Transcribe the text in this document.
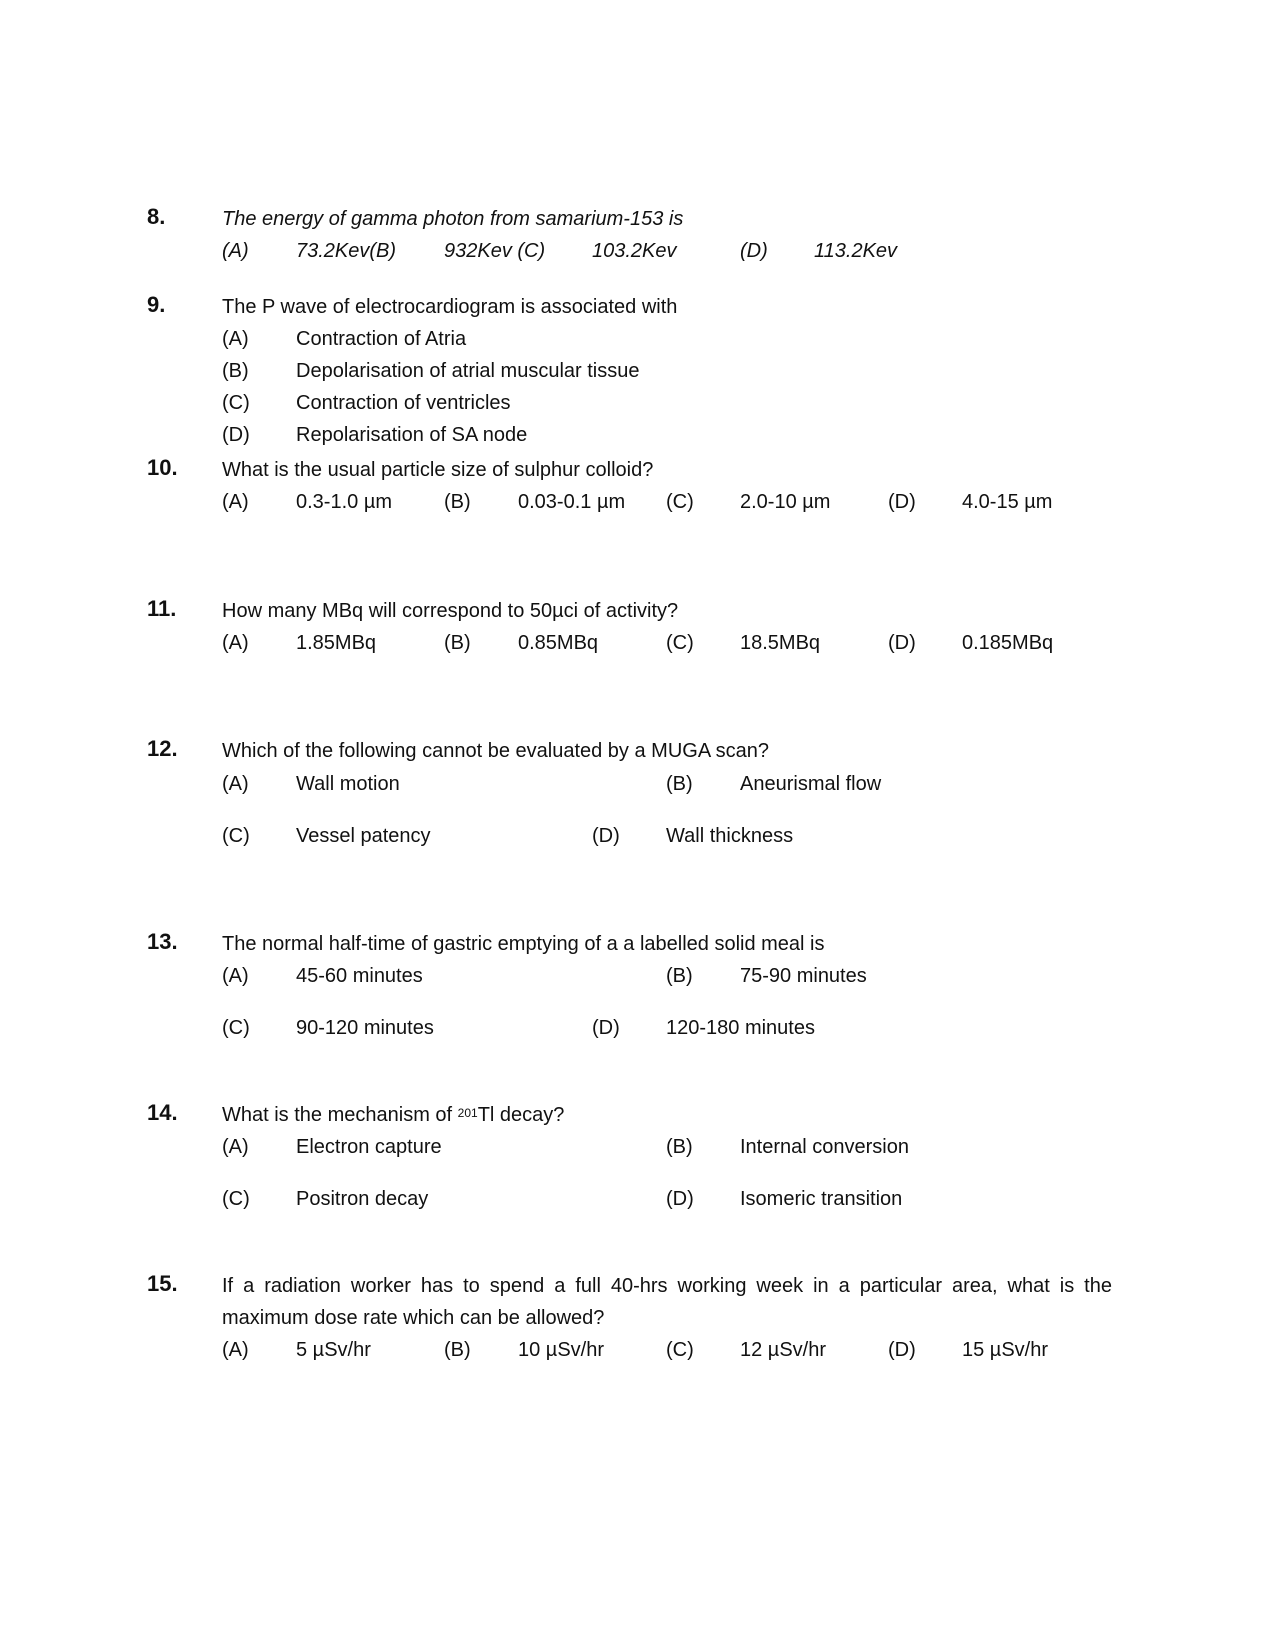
8.	The energy of gamma photon from samarium-153 is
(A) 73.2Kev(B) 932Kev (C) 103.2Kev	(D) 113.2Kev
9.	The P wave of electrocardiogram is associated with
(A) Contraction of Atria
(B) Depolarisation of atrial muscular tissue
(C) Contraction of ventricles
(D) Repolarisation of SA node
10. What is the usual particle size of sulphur colloid?
(A) 0.3-1.0 µm	(B) 0.03-0.1 µm (C) 2.0-10 µm	(D) 4.0-15 µm
11. How many MBq will correspond to 50µci of activity?
(A) 1.85MBq	(B) 0.85MBq	(C) 18.5MBq	(D) 0.185MBq
12. Which of the following cannot be evaluated by a MUGA scan?
(A) Wall motion	(B) Aneurismal flow
(C) Vessel patency	(D) Wall thickness
13. The normal half-time of gastric emptying of a a labelled solid meal is
(A) 45-60 minutes	(B) 75-90 minutes
(C) 90-120 minutes	(D) 120-180 minutes
14. What is the mechanism of $^{201}$Tl decay?
(A) Electron capture	(B) Internal conversion
(C) Positron decay	(D) Isomeric transition
15. If a radiation worker has to spend a full 40-hrs working week in a particular area, what is the
maximum dose rate which can be allowed?
(A) 5 µSv/hr	(B) 10 µSv/hr	(C) 12 µSv/hr	(D) 15 µSv/hr
